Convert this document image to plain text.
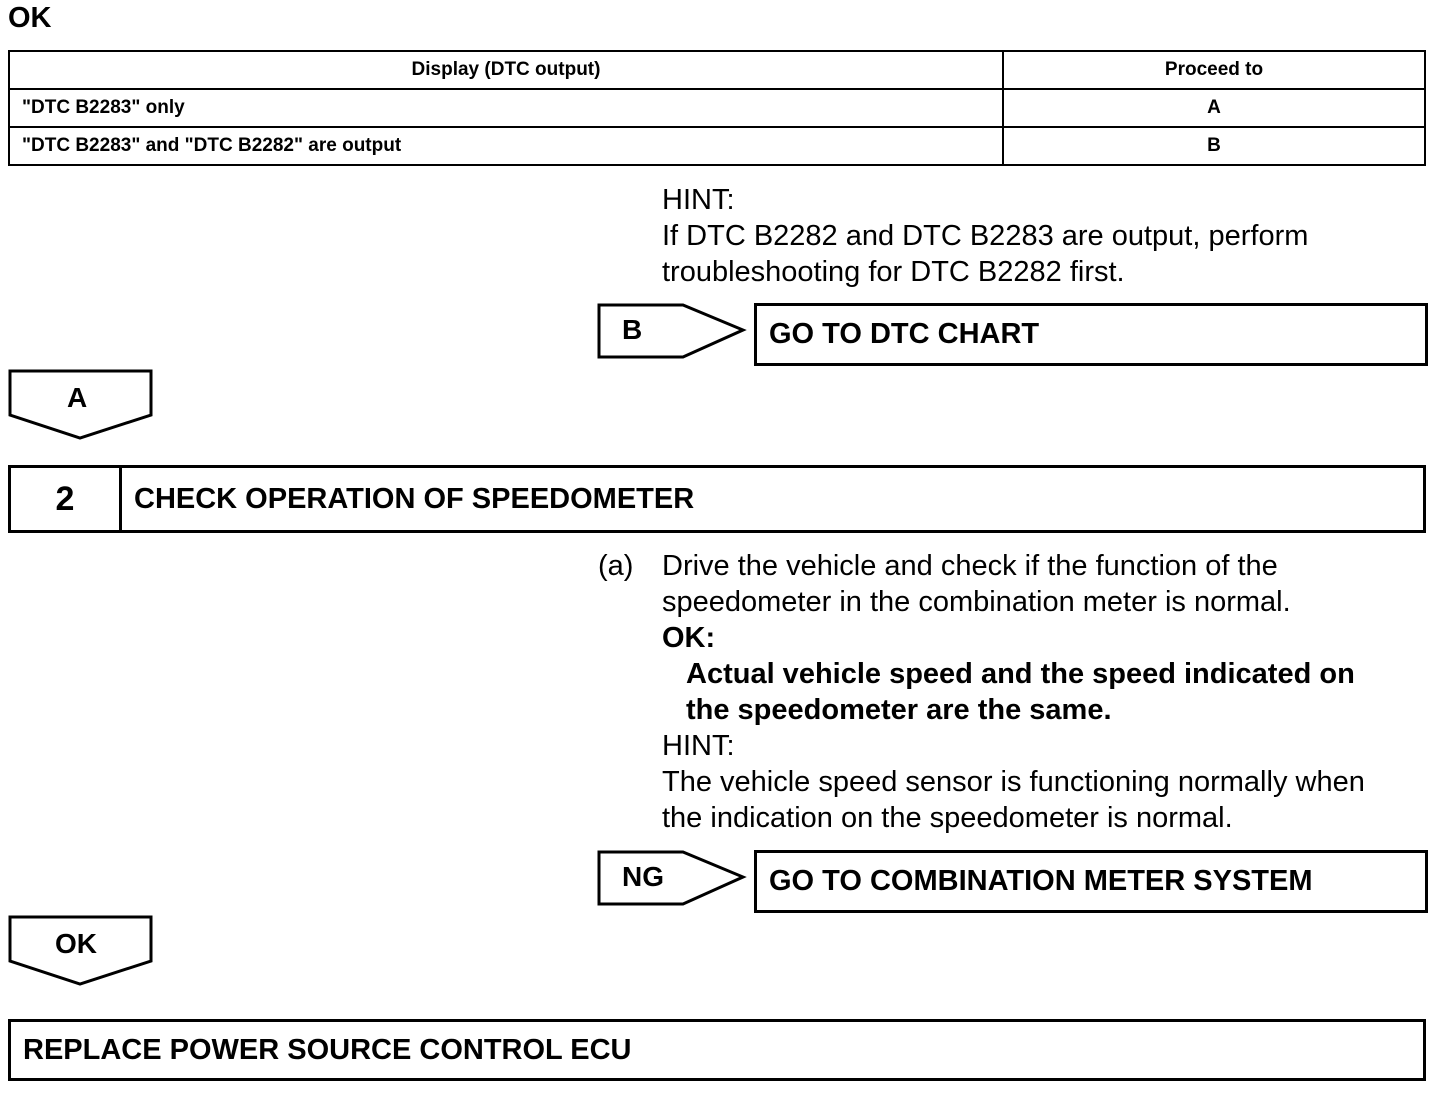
OK
Display (DTC output)	Proceed to
"DTC B2283" only	A
"DTC B2283" and "DTC B2282" are output	B
HINT:
If DTC B2282 and DTC B2283 are output, perform
troubleshooting for DTC B2282 first.
B	GO TO DTC CHART
A
2	CHECK OPERATION OF SPEEDOMETER
(a) Drive the vehicle and check if the function of the
speedometer in the combination meter is normal.
OK:
Actual vehicle speed and the speed indicated on
the speedometer are the same.
HINT:
The vehicle speed sensor is functioning normally when
the indication on the speedometer is normal.
NG	GO TO COMBINATION METER SYSTEM
OK
REPLACE POWER SOURCE CONTROL ECU
